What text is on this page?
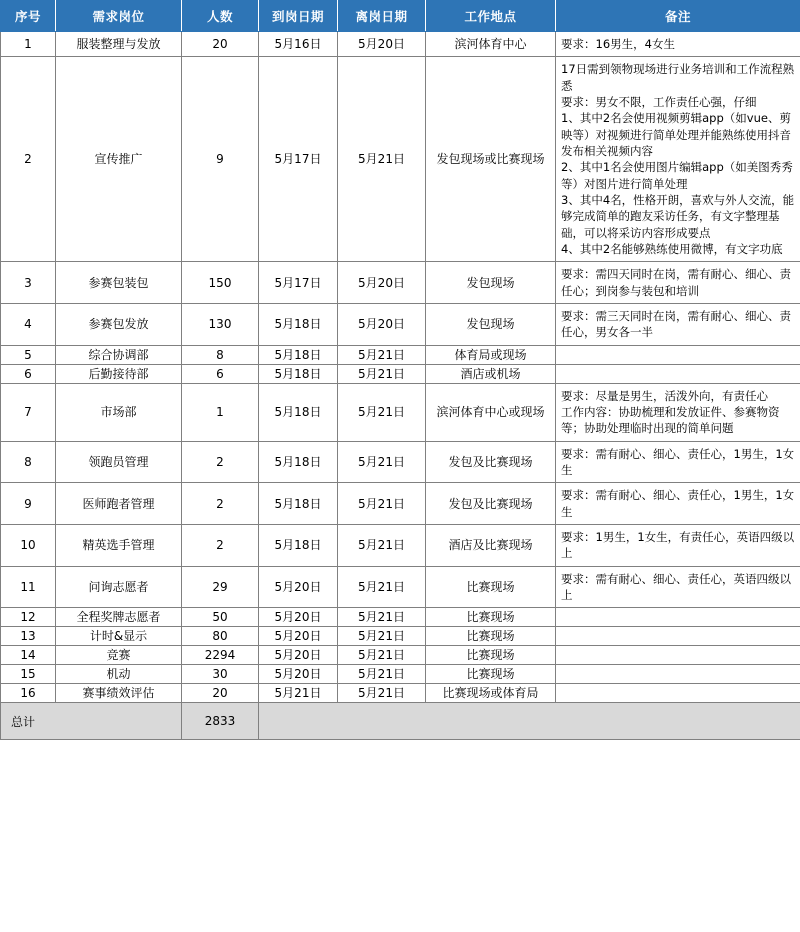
序号	需求岗位	人数	到岗日期	离岗日期	工作地点	备注
1	服装整理与发放	20	5月16日	5月20日	滨河体育中心	要求：16男生，4女生
2	宣传推广	9	5月17日	5月21日	发包现场或比赛现场	17日需到领物现场进行业务培训和工作流程熟悉
要求：男女不限，工作责任心强，仔细
1、其中2名会使用视频剪辑app（如vue、剪映等）对视频进行简单处理并能熟练使用抖音发布相关视频内容
2、其中1名会使用图片编辑app（如美图秀秀等）对图片进行简单处理
3、其中4名，性格开朗，喜欢与外人交流，能够完成简单的跑友采访任务，有文字整理基础，可以将采访内容形成要点
4、其中2名能够熟练使用微博，有文字功底
3	参赛包装包	150	5月17日	5月20日	发包现场	要求：需四天同时在岗，需有耐心、细心、责任心；到岗参与装包和培训
4	参赛包发放	130	5月18日	5月20日	发包现场	要求：需三天同时在岗，需有耐心、细心、责任心，男女各一半
5	综合协调部	8	5月18日	5月21日	体育局或现场	
6	后勤接待部	6	5月18日	5月21日	酒店或机场	
7	市场部	1	5月18日	5月21日	滨河体育中心或现场	要求：尽量是男生，活泼外向，有责任心
工作内容：协助梳理和发放证件、参赛物资等；协助处理临时出现的简单问题
8	领跑员管理	2	5月18日	5月21日	发包及比赛现场	要求：需有耐心、细心、责任心，1男生，1女生
9	医师跑者管理	2	5月18日	5月21日	发包及比赛现场	要求：需有耐心、细心、责任心，1男生，1女生
10	精英选手管理	2	5月18日	5月21日	酒店及比赛现场	要求：1男生，1女生，有责任心，英语四级以上
11	问询志愿者	29	5月20日	5月21日	比赛现场	要求：需有耐心、细心、责任心，英语四级以上
12	全程奖牌志愿者	50	5月20日	5月21日	比赛现场	
13	计时&显示	80	5月20日	5月21日	比赛现场	
14	竞赛	2294	5月20日	5月21日	比赛现场	
15	机动	30	5月20日	5月21日	比赛现场	
16	赛事绩效评估	20	5月21日	5月21日	比赛现场或体育局	
总计		2833				
